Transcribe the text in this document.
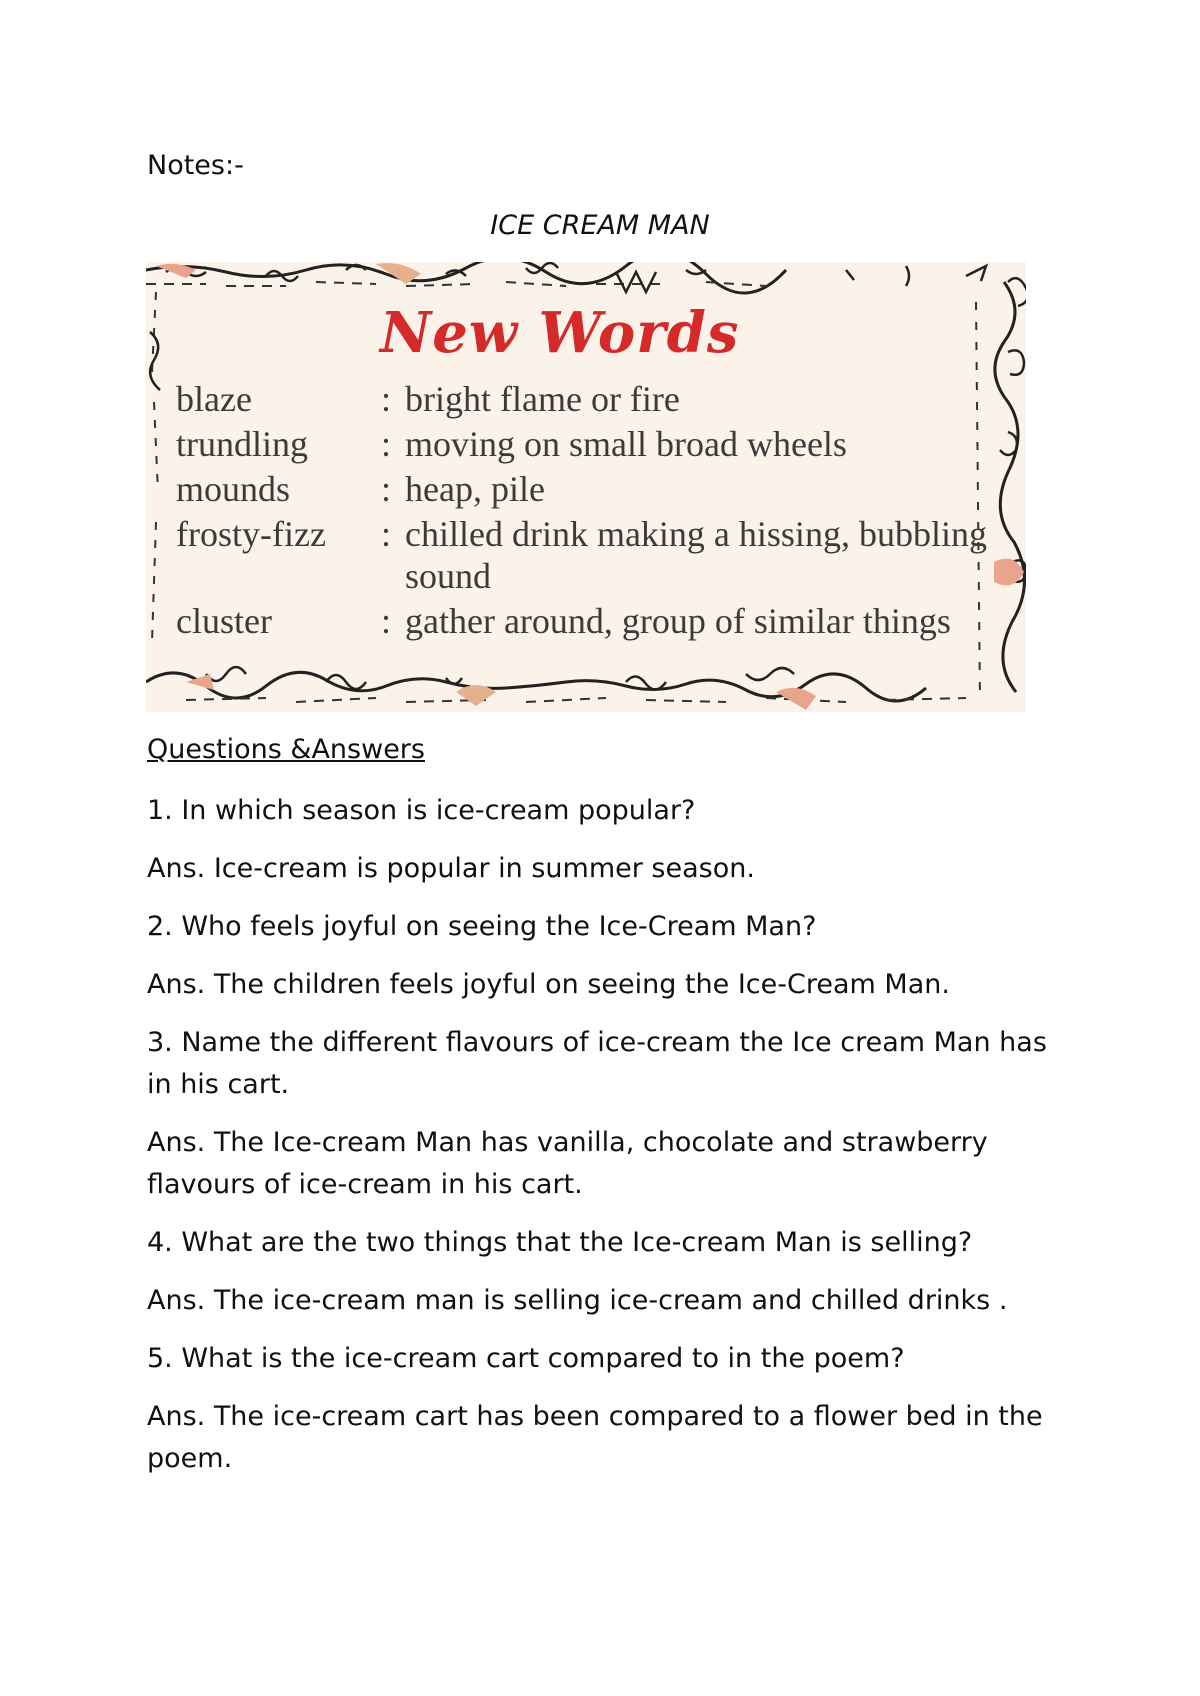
Notes:-
ICE CREAM MAN
New Words
blaze	: bright flame or fire
trundling	: moving on small broad wheels
mounds	: heap, pile
frosty-fizz	: chilled drink making a hissing, bubbling sound
cluster	: gather around, group of similar things
Questions &Answers
1. In which season is ice-cream popular?
Ans. Ice-cream is popular in summer season.
2. Who feels joyful on seeing the Ice-Cream Man?
Ans. The children feels joyful on seeing the Ice-Cream Man.
3. Name the different flavours of ice-cream the Ice cream Man has in his cart.
Ans. The Ice-cream Man has vanilla, chocolate and strawberry flavours of ice-cream in his cart.
4. What are the two things that the Ice-cream Man is selling?
Ans. The ice-cream man is selling ice-cream and chilled drinks .
5. What is the ice-cream cart compared to in the poem?
Ans. The ice-cream cart has been compared to a flower bed in the poem.
